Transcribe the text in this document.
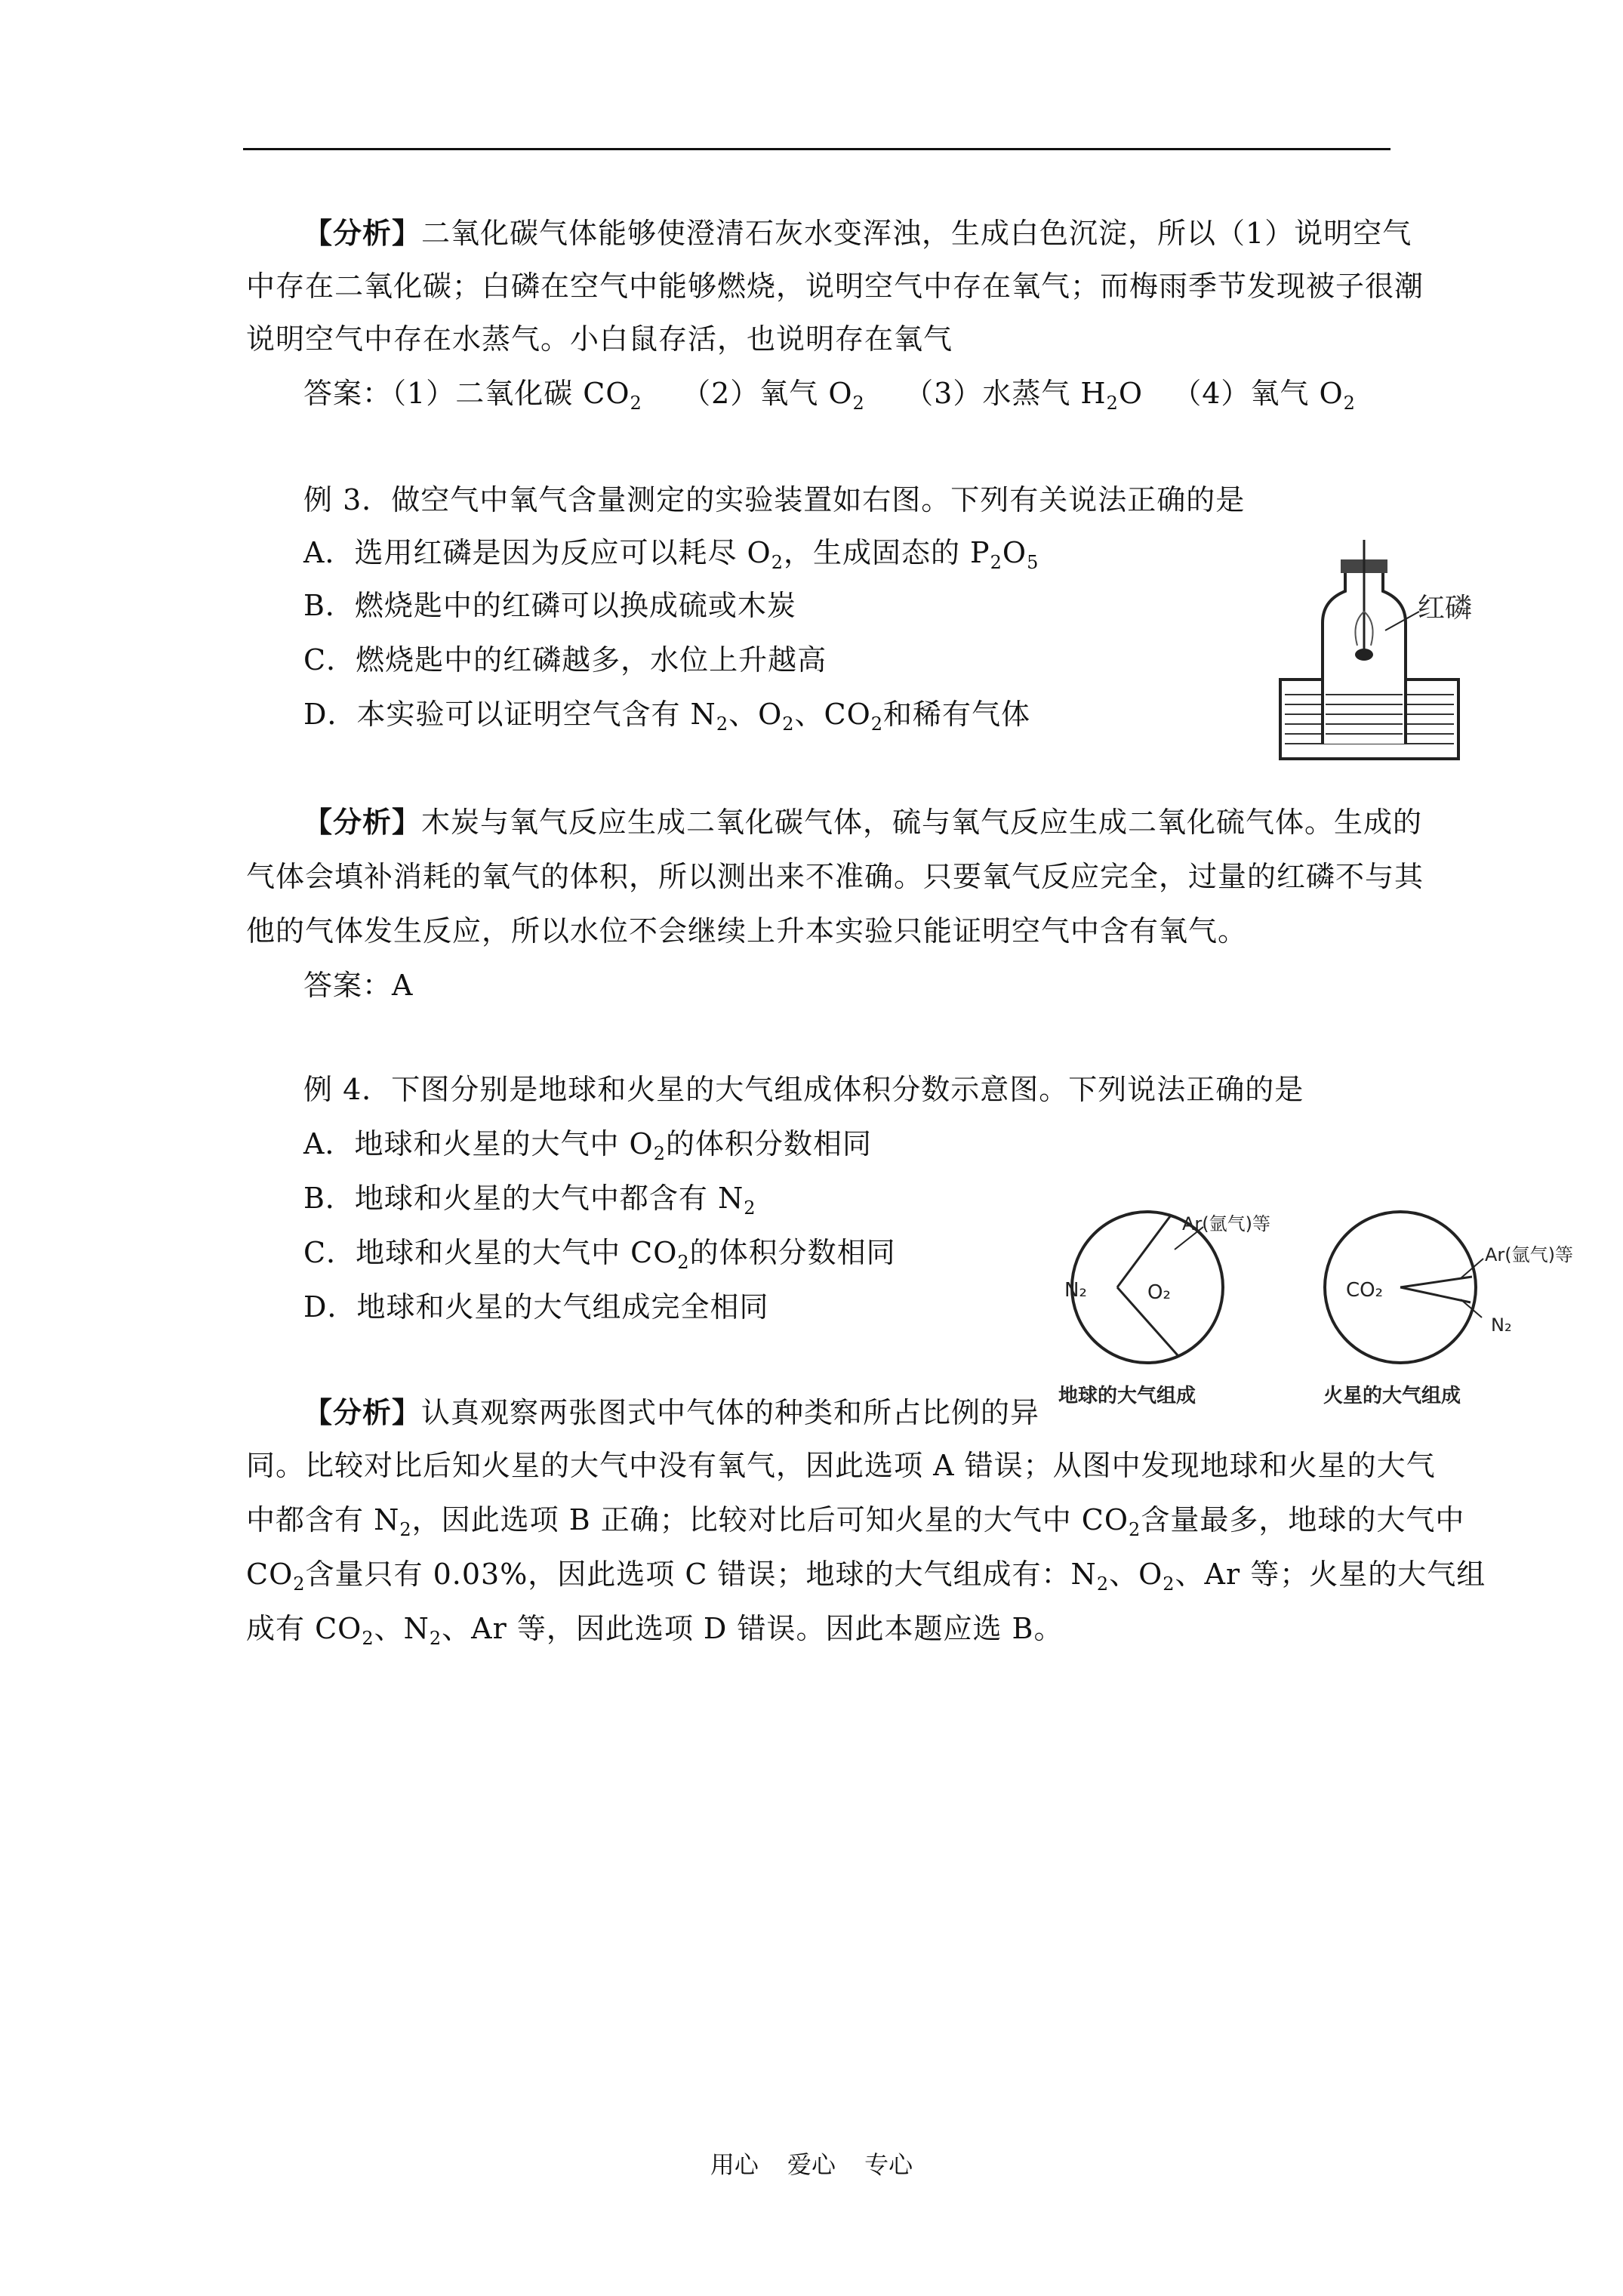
【分析】二氧化碳气体能够使澄清石灰水变浑浊，生成白色沉淀，所以（1）说明空气
中存在二氧化碳；白磷在空气中能够燃烧，说明空气中存在氧气；而梅雨季节发现被子很潮
说明空气中存在水蒸气。小白鼠存活，也说明存在氧气
答案：（1）二氧化碳 $CO_2$ （2）氧气 $O_2$ （3）水蒸气 $H_2O$ （4）氧气 $O_2$
例 3．做空气中氧气含量测定的实验装置如右图。下列有关说法正确的是
A．选用红磷是因为反应可以耗尽 $O_2$，生成固态的 $P_2O_5$
B．燃烧匙中的红磷可以换成硫或木炭
C．燃烧匙中的红磷越多，水位上升越高
D．本实验可以证明空气含有 $N_2$、$O_2$、$CO_2$和稀有气体
红磷
【分析】木炭与氧气反应生成二氧化碳气体，硫与氧气反应生成二氧化硫气体。生成的
气体会填补消耗的氧气的体积，所以测出来不准确。只要氧气反应完全，过量的红磷不与其
他的气体发生反应，所以水位不会继续上升本实验只能证明空气中含有氧气。
答案：A
例 4．下图分别是地球和火星的大气组成体积分数示意图。下列说法正确的是
A．地球和火星的大气中 $O_2$的体积分数相同
B．地球和火星的大气中都含有 $N_2$
C．地球和火星的大气中 $CO_2$的体积分数相同
D．地球和火星的大气组成完全相同	N₂	O₂
Ar(氩气)等
地球的大气组成
CO₂
Ar(氩气)等
N₂
火星的大气组成
【分析】认真观察两张图式中气体的种类和所占比例的异
同。比较对比后知火星的大气中没有氧气，因此选项 A 错误；从图中发现地球和火星的大气
中都含有 $N_2$，因此选项 B 正确；比较对比后可知火星的大气中 $CO_2$含量最多，地球的大气中
$CO_2$含量只有 0.03%，因此选项 C 错误；地球的大气组成有：$N_2$、$O_2$、Ar 等；火星的大气组
成有 $CO_2$、$N_2$、Ar 等，因此选项 D 错误。因此本题应选 B。
用心 爱心 专心
